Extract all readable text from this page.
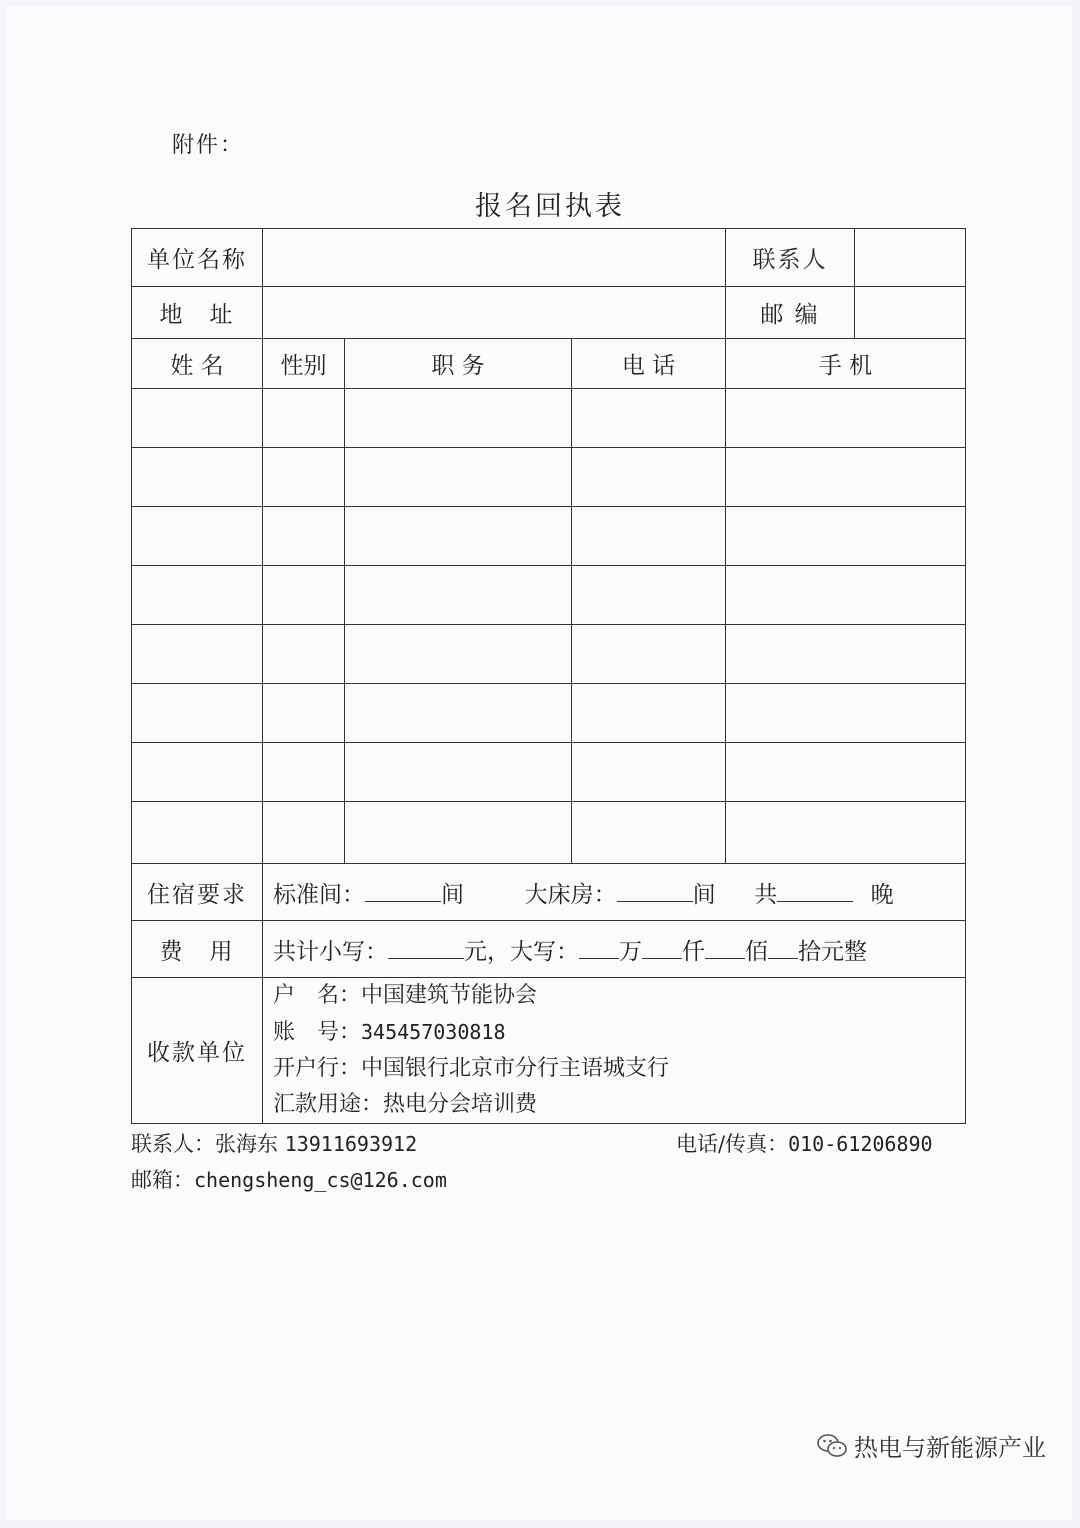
附件：
报名回执表
单位名称				联系人	
地　址				邮 编	
姓 名	性别	职 务	电 话	手 机	

住宿要求	标准间： 间 大床房： 间 共 晚				
费　用	共计小写： 元，大写： 万 仟 佰 拾元整				
收款单位	户　名：中国建筑节能协会
账　号：345457030818
开户行：中国银行北京市分行主语城支行
汇款用途：热电分会培训费				
联系人：张海东 13911693912	电话/传真：010-61206890
邮箱：chengsheng_cs@126.com
热电与新能源产业
